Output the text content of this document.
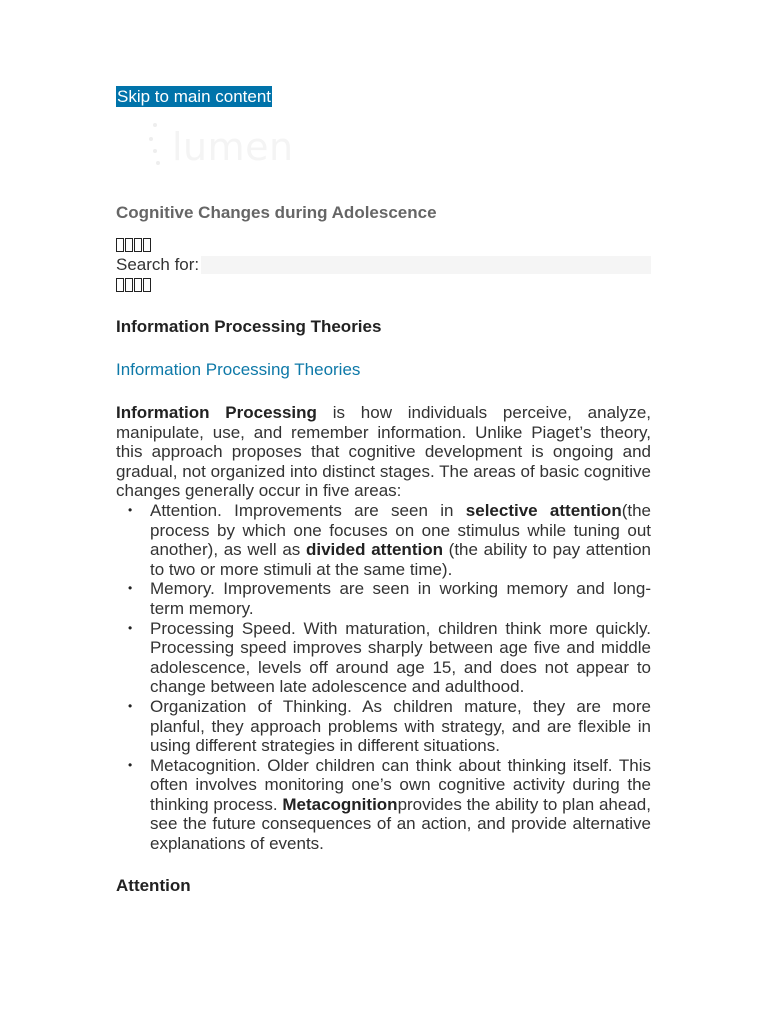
Skip to main content
lumen
Cognitive Changes during Adolescence
Search for:
Information Processing Theories
Information Processing Theories
Information Processing is how individuals perceive, analyze, manipulate, use, and remember information. Unlike Piaget’s theory, this approach proposes that cognitive development is ongoing and gradual, not organized into distinct stages. The areas of basic cognitive changes generally occur in five areas:
• Attention. Improvements are seen in selective attention(the process by which one focuses on one stimulus while tuning out another), as well as divided attention (the ability to pay attention to two or more stimuli at the same time).
• Memory. Improvements are seen in working memory and long-term memory.
• Processing Speed. With maturation, children think more quickly. Processing speed improves sharply between age five and middle adolescence, levels off around age 15, and does not appear to change between late adolescence and adulthood.
• Organization of Thinking. As children mature, they are more planful, they approach problems with strategy, and are flexible in using different strategies in different situations.
• Metacognition. Older children can think about thinking itself. This often involves monitoring one’s own cognitive activity during the thinking process. Metacognitionprovides the ability to plan ahead, see the future consequences of an action, and provide alternative explanations of events.
Attention
